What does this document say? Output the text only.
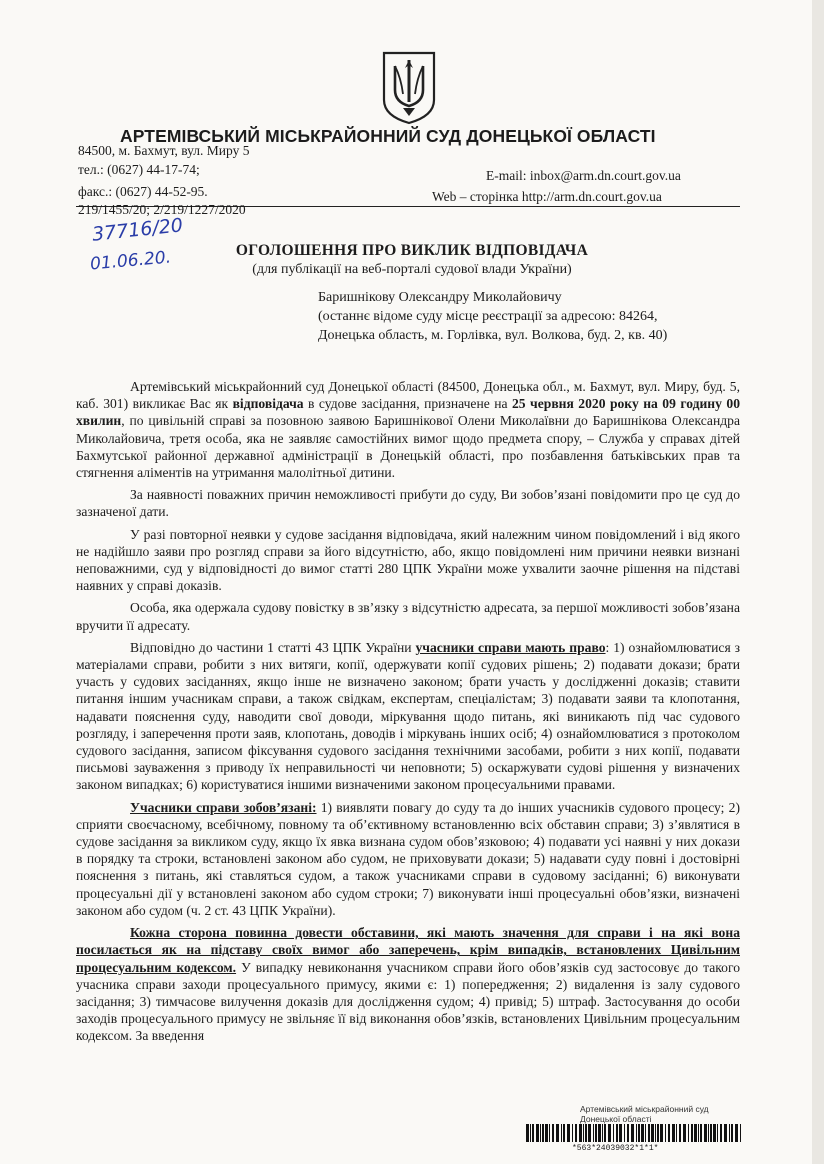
АРТЕМІВСЬКИЙ МІСЬКРАЙОННИЙ СУД ДОНЕЦЬКОЇ ОБЛАСТІ
84500, м. Бахмут, вул. Миру 5
тел.: (0627) 44-17-74;
факс.: (0627) 44-52-95.
E-mail: inbox@arm.dn.court.gov.ua
Web – сторінка http://arm.dn.court.gov.ua
219/1455/20; 2/219/1227/2020
37716/20
01.06.20.	ОГОЛОШЕННЯ ПРО ВИКЛИК ВІДПОВІДАЧА
(для публікації на веб-порталі судової влади України)
Баришнікову Олександру Миколайовичу
(останнє відоме суду місце реєстрації за адресою: 84264,
Донецька область, м. Горлівка, вул. Волкова, буд. 2, кв. 40)

Артемівський міськрайонний суд Донецької області (84500, Донецька обл., м. Бахмут, вул. Миру, буд. 5, каб. 301) викликає Вас як відповідача в судове засідання, призначене на 25 червня 2020 року на 09 годину 00 хвилин, по цивільній справі за позовною заявою Баришнікової Олени Миколаївни до Баришнікова Олександра Миколайовича, третя особа, яка не заявляє самостійних вимог щодо предмета спору, – Служба у справах дітей Бахмутської районної державної адміністрації в Донецькій області, про позбавлення батьківських прав та стягнення аліментів на утримання малолітньої дитини.

За наявності поважних причин неможливості прибути до суду, Ви зобов’язані повідомити про це суд до зазначеної дати.

У разі повторної неявки у судове засідання відповідача, який належним чином повідомлений і від якого не надійшло заяви про розгляд справи за його відсутністю, або, якщо повідомлені ним причини неявки визнані неповажними, суд у відповідності до вимог статті 280 ЦПК України може ухвалити заочне рішення на підставі наявних у справі доказів.

Особа, яка одержала судову повістку в зв’язку з відсутністю адресата, за першої можливості зобов’язана вручити її адресату.

Відповідно до частини 1 статті 43 ЦПК України учасники справи мають право: 1) ознайомлюватися з матеріалами справи, робити з них витяги, копії, одержувати копії судових рішень; 2) подавати докази; брати участь у судових засіданнях, якщо інше не визначено законом; брати участь у дослідженні доказів; ставити питання іншим учасникам справи, а також свідкам, експертам, спеціалістам; 3) подавати заяви та клопотання, надавати пояснення суду, наводити свої доводи, міркування щодо питань, які виникають під час судового розгляду, і заперечення проти заяв, клопотань, доводів і міркувань інших осіб; 4) ознайомлюватися з протоколом судового засідання, записом фіксування судового засідання технічними засобами, робити з них копії, подавати письмові зауваження з приводу їх неправильності чи неповноти; 5) оскаржувати судові рішення у визначених законом випадках; 6) користуватися іншими визначеними законом процесуальними правами.

Учасники справи зобов’язані: 1) виявляти повагу до суду та до інших учасників судового процесу; 2) сприяти своєчасному, всебічному, повному та об’єктивному встановленню всіх обставин справи; 3) з’являтися в судове засідання за викликом суду, якщо їх явка визнана судом обов’язковою; 4) подавати усі наявні у них докази в порядку та строки, встановлені законом або судом, не приховувати докази; 5) надавати суду повні і достовірні пояснення з питань, які ставляться судом, а також учасниками справи в судовому засіданні; 6) виконувати процесуальні дії у встановлені законом або судом строки; 7) виконувати інші процесуальні обов’язки, визначені законом або судом (ч. 2 ст. 43 ЦПК України).

Кожна сторона повинна довести обставини, які мають значення для справи і на які вона посилається як на підставу своїх вимог або заперечень, крім випадків, встановлених Цивільним процесуальним кодексом. У випадку невиконання учасником справи його обов’язків суд застосовує до такого учасника справи заходи процесуального примусу, якими є: 1) попередження; 2) видалення із залу судового засідання; 3) тимчасове вилучення доказів для дослідження судом; 4) привід; 5) штраф. Застосування до особи заходів процесуального примусу не звільняє її від виконання обов’язків, встановлених Цивільним процесуальним кодексом. За введення

Артемівський міськрайонний суд
Донецької області
*563*24039032*1*1*
